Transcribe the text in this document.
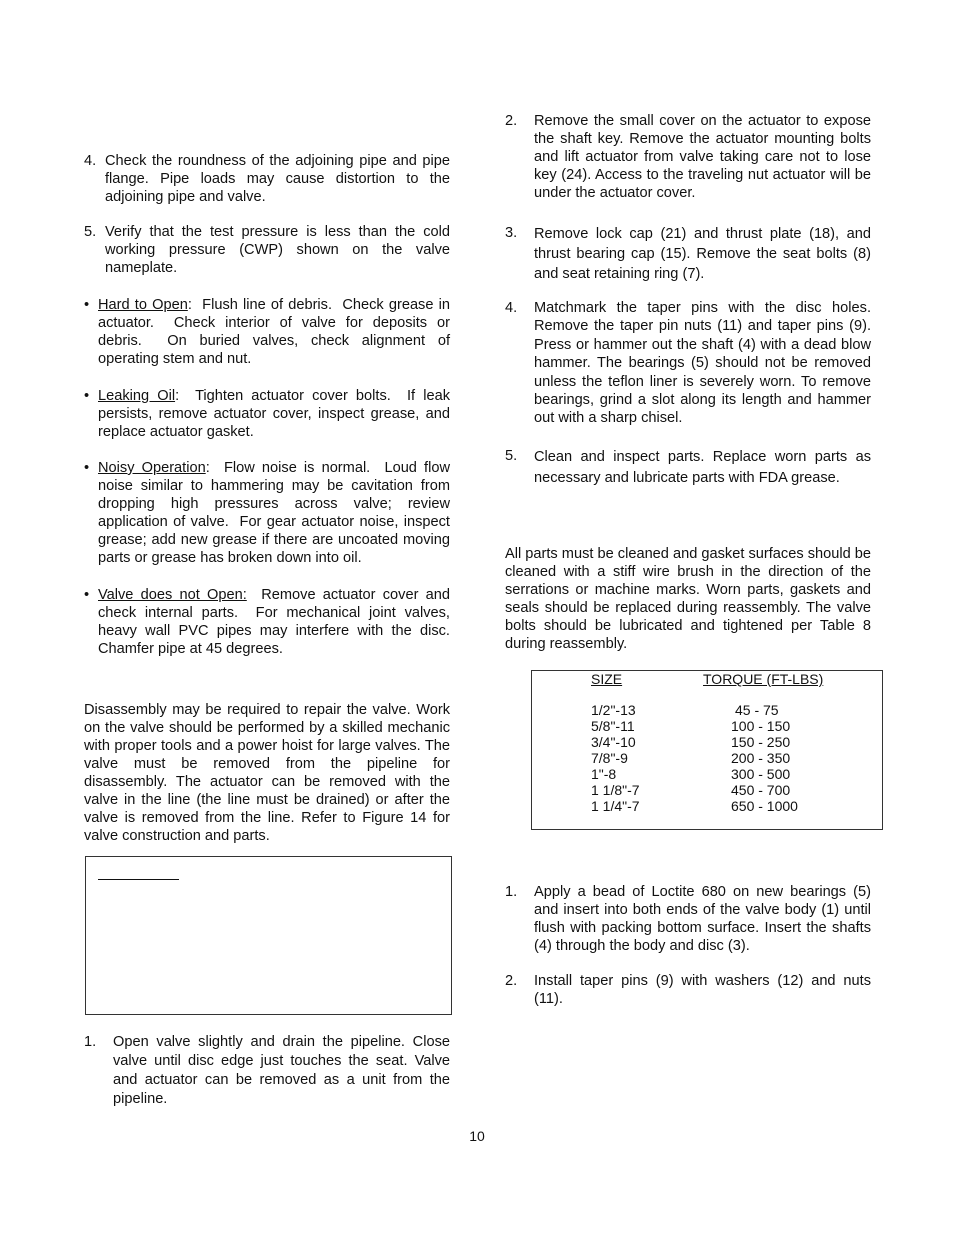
4. Check the roundness of the adjoining pipe and pipe flange. Pipe loads may cause distortion to the adjoining pipe and valve.
5. Verify that the test pressure is less than the cold working pressure (CWP) shown on the valve nameplate.
• Hard to Open:  Flush line of debris.  Check grease in actuator.  Check interior of valve for deposits or debris.  On buried valves, check alignment of operating stem and nut.
• Leaking Oil:  Tighten actuator cover bolts.  If leak persists, remove actuator cover, inspect grease, and replace actuator gasket.
• Noisy Operation:  Flow noise is normal.  Loud flow noise similar to hammering may be cavitation from dropping high pressures across valve; review application of valve.  For gear actuator noise, inspect grease; add new grease if there are uncoated moving parts or grease has broken down into oil.
• Valve does not Open:  Remove actuator cover and check internal parts.  For mechanical joint valves, heavy wall PVC pipes may interfere with the disc. Chamfer pipe at 45 degrees.

Disassembly may be required to repair the valve. Work on the valve should be performed by a skilled mechanic with proper tools and a power hoist for large valves. The valve must be removed from the pipeline for disassembly. The actuator can be removed with the valve in the line (the line must be drained) or after the valve is removed from the line. Refer to Figure 14 for valve construction and parts.

1.	Open valve slightly and drain the pipeline. Close valve until disc edge just touches the seat. Valve and actuator can be removed as a unit from the pipeline.
2.	Remove the small cover on the actuator to expose the shaft key. Remove the actuator mounting bolts and lift actuator from valve taking care not to lose key (24). Access to the traveling nut actuator will be under the actuator cover.
3.	Remove lock cap (21) and thrust plate (18), and thrust bearing cap (15). Remove the seat bolts (8) and seat retaining ring (7).
4.	Matchmark the taper pins with the disc holes. Remove the taper pin nuts (11) and taper pins (9). Press or hammer out the shaft (4) with a dead blow hammer. The bearings (5) should not be removed unless the teflon liner is severely worn. To remove bearings, grind a slot along its length and hammer out with a sharp chisel.
5.	Clean and inspect parts. Replace worn parts as necessary and lubricate parts with FDA grease.

All parts must be cleaned and gasket surfaces should be cleaned with a stiff wire brush in the direction of the serrations or machine marks. Worn parts, gaskets and seals should be replaced during reassembly. The valve bolts should be lubricated and tightened per Table 8 during reassembly.

SIZE	TORQUE (FT-LBS)
1/2"-13	45 - 75
5/8"-11	100 - 150
3/4"-10	150 - 250
7/8"-9	200 - 350
1"-8	300 - 500
1 1/8"-7	450 - 700
1 1/4"-7	650 - 1000
1.	Apply a bead of Loctite 680 on new bearings (5) and insert into both ends of the valve body (1) until flush with packing bottom surface. Insert the shafts (4) through the body and disc (3).
2.	Install taper pins (9) with washers (12) and nuts (11).
10
